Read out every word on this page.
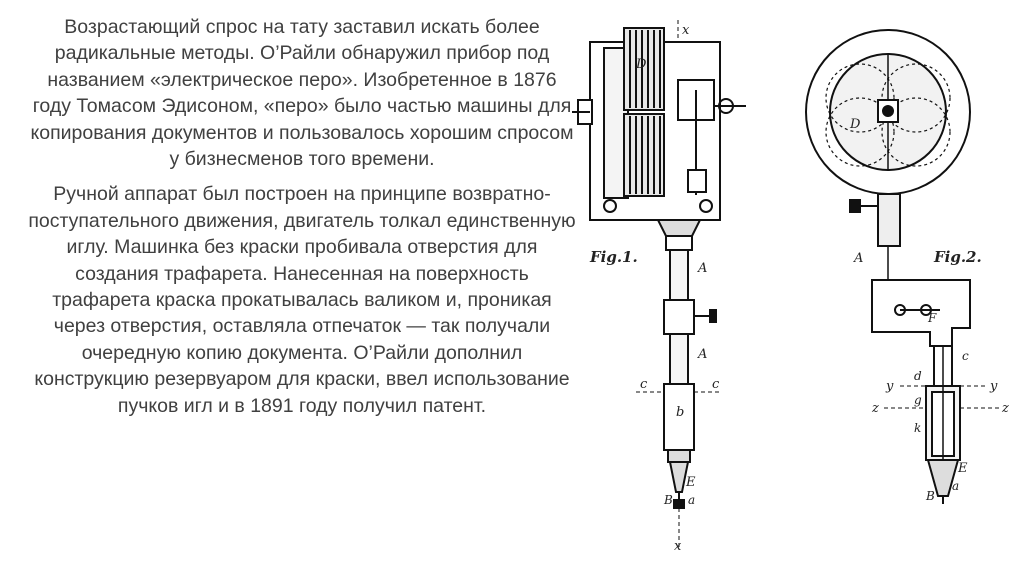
Возрастающий спрос на тату заставил искать более радикальные методы. О’Райли обнаружил прибор под названием «электрическое перо». Изобретенное в 1876 году Томасом Эдисоном, «перо» было частью машины для копирования документов и пользовалось хорошим спросом у бизнесменов того времени.

Ручной аппарат был построен на принципе возвратно-поступательного движения, двигатель толкал единственную иглу. Машинка без краски пробивала отверстия для создания трафарета. Нанесенная на поверхность трафарета краска прокатывалась валиком и, проникая через отверстия, оставляла отпечаток — так получали очередную копию документа. О’Райли дополнил конструкцию резервуаром для краски, ввел использование пучков игл и в 1891 году получил патент.

x
D
c	c
b
A
A
E
B a
x
Fig.1.
D
F
A
y	y
z	z
d
g
k
c
E
B
a
Fig.2.
